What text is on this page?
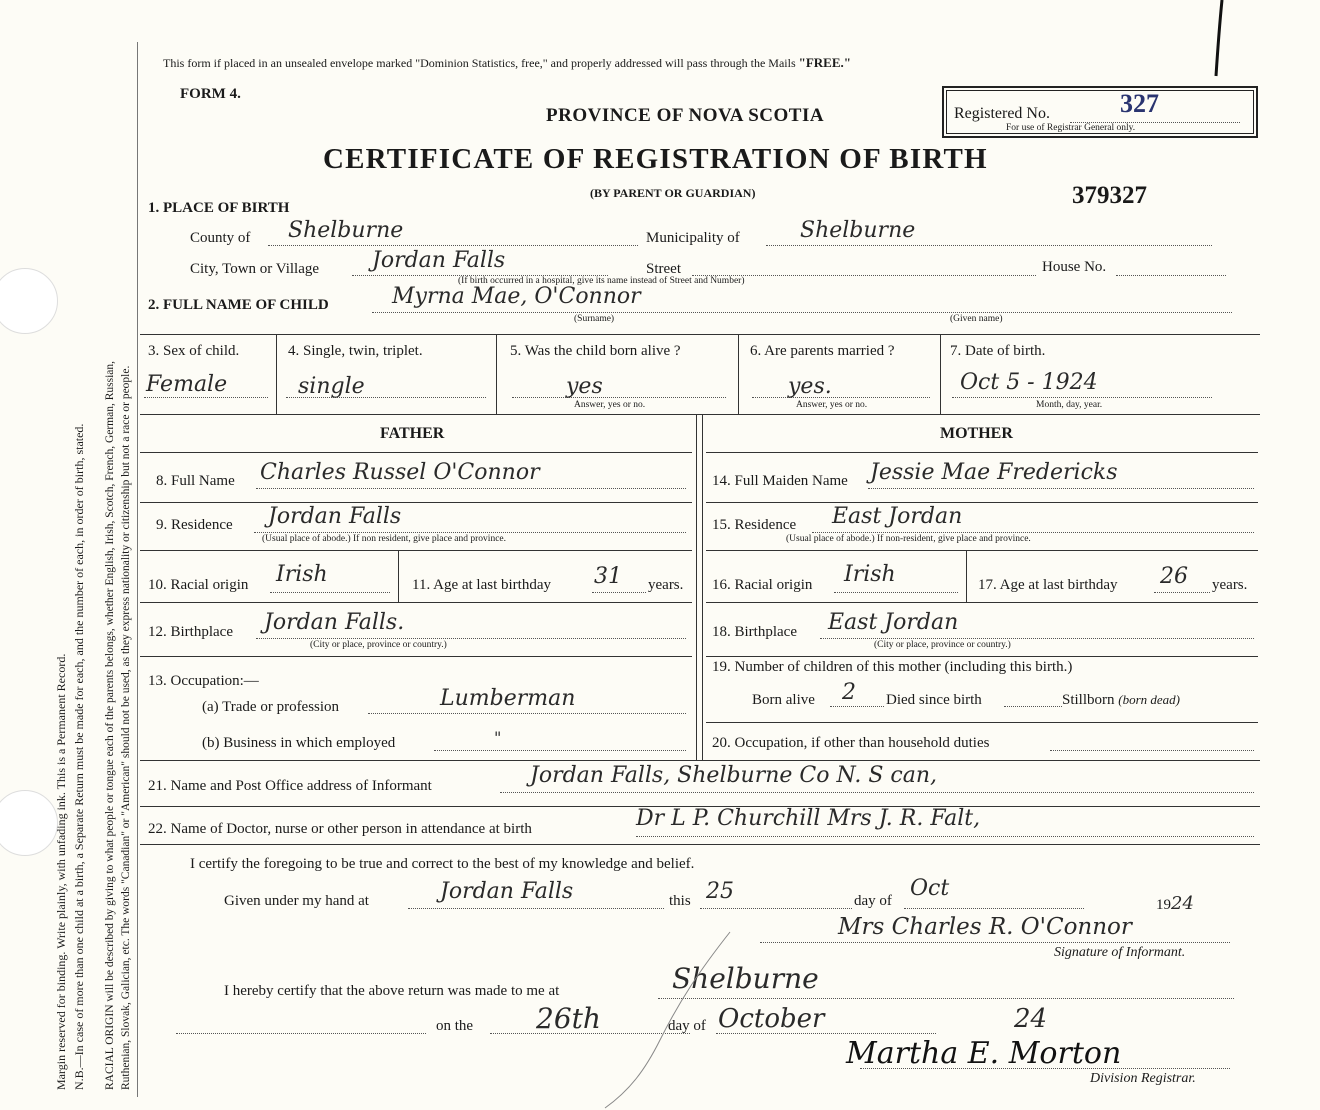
Margin reserved for binding. Write plainly, with unfading ink. This is a Permanent Record. N.B.—In case of more than one child at a birth, a Separate Return must be made for each, and the number of each, in order of birth, stated. RACIAL ORIGIN will be described by giving to what people or tongue each of the parents belongs, whether English, Irish, Scotch, French, German, Russian, Ruthenian, Slovak, Galician, etc. The words "Canadian" or "American" should not be used, as they express nationality or citizenship but not a race or people.
This form if placed in an unsealed envelope marked "Dominion Statistics, free," and properly addressed will pass through the Mails "FREE."
FORM 4.
PROVINCE OF NOVA SCOTIA	Registered No.	327
For use of Registrar General only.
CERTIFICATE OF REGISTRATION OF BIRTH
(BY PARENT OR GUARDIAN)	379327
1. PLACE OF BIRTH
County of Shelburne	Municipality of	Shelburne
City, Town or Village Jordan Falls	Street
(If birth occurred in a hospital, give its name instead of Street and Number)
House No.
2. FULL NAME OF CHILD	Myrna Mae, O'Connor
(Surname)	(Given name)
3. Sex of child.
Female
4. Single, twin, triplet.
single
5. Was the child born alive ?
yes
Answer, yes or no.
6. Are parents married ?
yes.
Answer, yes or no.
7. Date of birth.
Oct 5 - 1924
Month, day, year.
FATHER	MOTHER
8. Full Name Charles Russel O'Connor
9. Residence Jordan Falls
(Usual place of abode.) If non resident, give place and province.
10. Racial origin Irish	11. Age at last birthday 31 years.
12. Birthplace Jordan Falls.
(City or place, province or country.)
13. Occupation:—
(a) Trade or profession	Lumberman
(b) Business in which employed	"
14. Full Maiden Name Jessie Mae Fredericks
15. Residence East Jordan
(Usual place of abode.) If non-resident, give place and province.
16. Racial origin Irish	17. Age at last birthday 26 years.
18. Birthplace East Jordan
(City or place, province or country.)
19. Number of children of this mother (including this birth.)
Born alive 2 Died since birth	Stillborn (born dead)
20. Occupation, if other than household duties
21. Name and Post Office address of Informant	Jordan Falls, Shelburne Co N. S can,
22. Name of Doctor, nurse or other person in attendance at birth	Dr L P. Churchill Mrs J. R. Falt,
I certify the foregoing to be true and correct to the best of my knowledge and belief.
Given under my hand at	Jordan Falls	this 25	day of Oct
1924
Mrs Charles R. O'Connor
Signature of Informant.
I hereby certify that the above return was made to me at	Shelburne
on the 26th	day of October	24
Martha E. Morton
Division Registrar.
